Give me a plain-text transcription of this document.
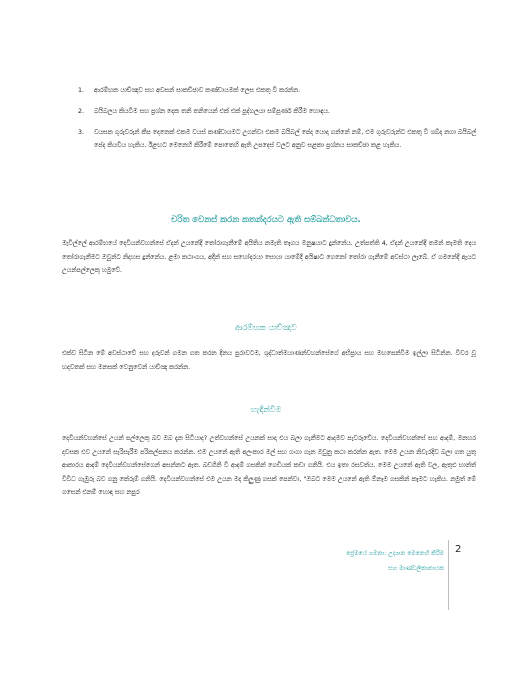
1.	ආරම්භක යාච්ඤාව සහ අවසන් සාකච්ඡාව කණ්ඩායමක් ලෙස එකතු වී කරන්න.
2.	බයිබලය කියවීම සහ ප්‍රශ්න දෙක තනි තනියෙන් එක් එක් පුද්ගලයා සම්පූර්ණ කිරීම හොඳය.
3.	වයසක ගුරුවරුන් කීප දෙනෙක් එකම වයස් කණ්ඩායමට උගන්වා එකම බයිබල් පේද යොදා ගන්නේ නම්, එම ගුරුවරුන්ට එකතු වී ශබ්ද නගා බයිබල් පේද කියවිය හැකිය. ඊළඟට මෙනෙහි කිරීමේ පොතෙහි ඇති උපදෙස් වලට අනුව සළකා ප්‍රශ්නය සාකච්ඡා කළ හැකිය.
චරිත වෙනස් කරන කතන්දරයට ඇති සම්බන්ධතාවය.

මැවිල්ලේ ආරම්භයේ දෙවියන්වහන්සේ ඒදන් උයනේදී තෝරාගැනීමේ අයිතිය නමැති තෑගය මනුෂයාට දුන්නේය. උත්පත්ති 4, ඒදන් උයනේදී තමන් කැමති දෙය තෝරාගැනීමට ඔවුන්ට නිදහස දුන්නේය. ළමා කථාංගය, අදීන් සහ සහෝදරයා සොයා යාමේදී අයිෂාට ගෙනෝ තෝරා ගැනීමේ අවස්ථා ලැබේ. ඒ ගමනේදී ඇයට උයන්පල්ලෙකු හමුවේ.

ආරම්භක යාච්ඤාව

එක්ව සිටින මේ අවස්ථාවේ සහ දරුවන් ගමන ගත කරන දිනය පුරාවටම, ශුද්ධාත්මයාණන්වහන්සේගේ අභිප්‍රාය සහ මඟපෙන්වීම ඉල්ලා සිටින්න. විවර වූ හදවතක් සහ මනසක් වෙනුවෙන් යාච්ඤා කරන්න.

හැඳින්වීම

දෙවියන්වහන්සේ උයන් පල්ලෙකු බව ඔබ දැන සිටියාද? උත්වහන්සේ උයනක් සාදා එය බලා ගැනීමට ආදමව පැවරුවේය. දෙවියන්වහන්සේ සහ ආදම්, මනහර දවසක එව උයනේ සැරිසැරීම පරිකල්පනය කරන්න. එම උයනේ ඇති අලංකාර මල් සහ ගංගා ගැන ඔවුනු කථා කරන්න ඇත. මෙම උයන නිවැරදිව බලා ගත යුතු ආකාරය ආදම් දෙවියන්වහන්සේගෙන් අසන්නට ඇත. බඩගිනි වී ආදම් ගසකින් ගෙඩියක් කඩා ගනියි. එය ඉතා රසවත්ය. මෙම උයනේ ඇති වල, ඇතුළු භාන්ත් විවිධ ගැඹුරු බව ගනු කේරුම් ගනියි. දෙවියන්වහන්සේ එම උයන මද කිලුණු ගසක් පෙන්වා, "ඔබට මෙම උයනේ ඇති ඕනෑම ගසකින් කෑමට හැකිය. නමුත් මේ ගසෙන් එනම් හොඳ සහ නපුර

ප්‍රේමයේ ගමනා: උද්‍යාන මෙනෙහි කිරීම
සහ මාණ්ඩලිකානායක
2
